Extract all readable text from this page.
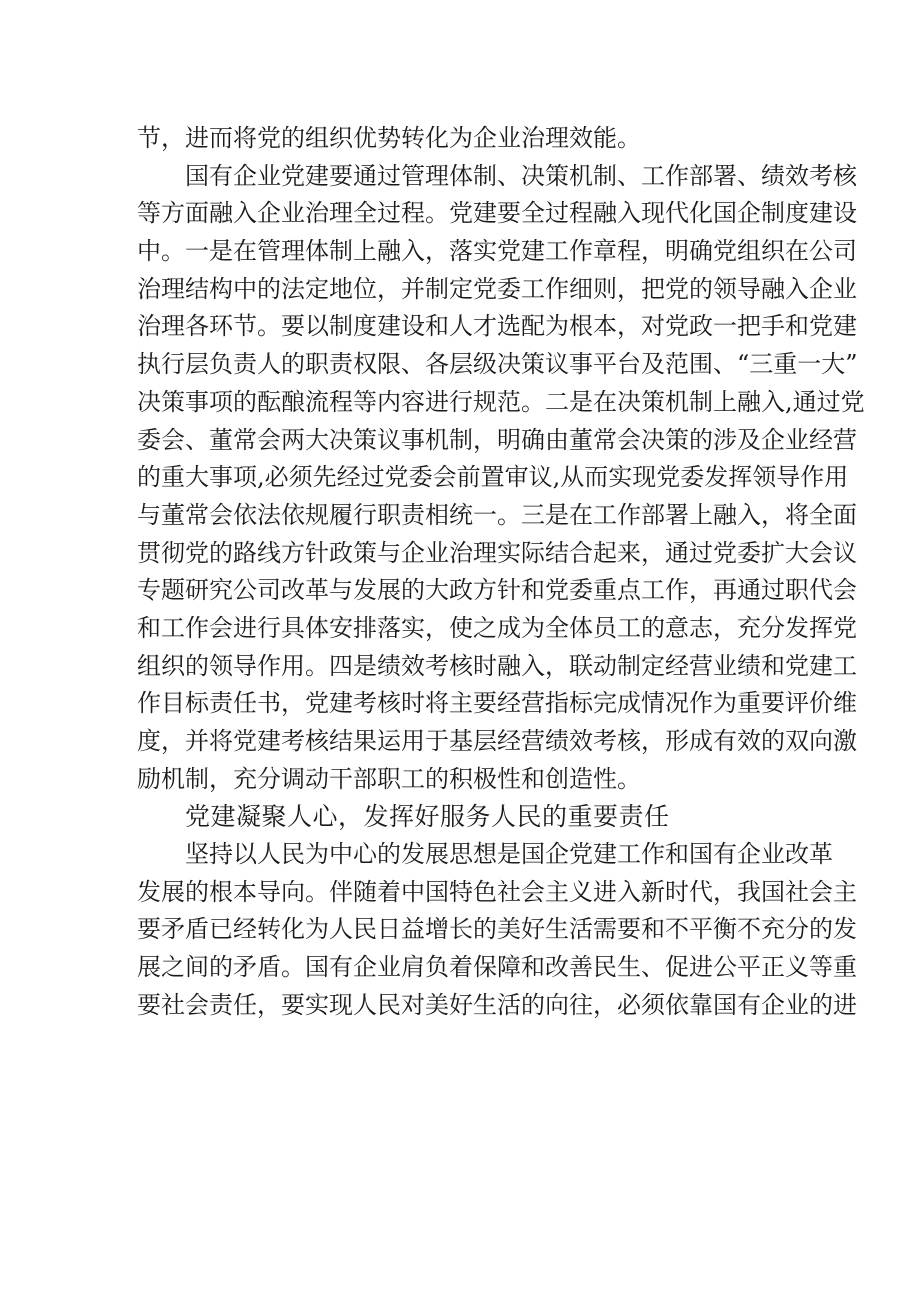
节，进而将党的组织优势转化为企业治理效能。
国有企业党建要通过管理体制、决策机制、工作部署、绩效考核
等方面融入企业治理全过程。党建要全过程融入现代化国企制度建设
中。一是在管理体制上融入，落实党建工作章程，明确党组织在公司
治理结构中的法定地位，并制定党委工作细则，把党的领导融入企业
治理各环节。要以制度建设和人才选配为根本，对党政一把手和党建
执行层负责人的职责权限、各层级决策议事平台及范围、“三重一大”
决策事项的酝酿流程等内容进行规范。二是在决策机制上融入,通过党
委会、董常会两大决策议事机制，明确由董常会决策的涉及企业经营
的重大事项,必须先经过党委会前置审议,从而实现党委发挥领导作用
与董常会依法依规履行职责相统一。三是在工作部署上融入，将全面
贯彻党的路线方针政策与企业治理实际结合起来，通过党委扩大会议
专题研究公司改革与发展的大政方针和党委重点工作，再通过职代会
和工作会进行具体安排落实，使之成为全体员工的意志，充分发挥党
组织的领导作用。四是绩效考核时融入，联动制定经营业绩和党建工
作目标责任书，党建考核时将主要经营指标完成情况作为重要评价维
度，并将党建考核结果运用于基层经营绩效考核，形成有效的双向激
励机制，充分调动干部职工的积极性和创造性。
党建凝聚人心，发挥好服务人民的重要责任
坚持以人民为中心的发展思想是国企党建工作和国有企业改革
发展的根本导向。伴随着中国特色社会主义进入新时代，我国社会主
要矛盾已经转化为人民日益增长的美好生活需要和不平衡不充分的发
展之间的矛盾。国有企业肩负着保障和改善民生、促进公平正义等重
要社会责任，要实现人民对美好生活的向往，必须依靠国有企业的进
